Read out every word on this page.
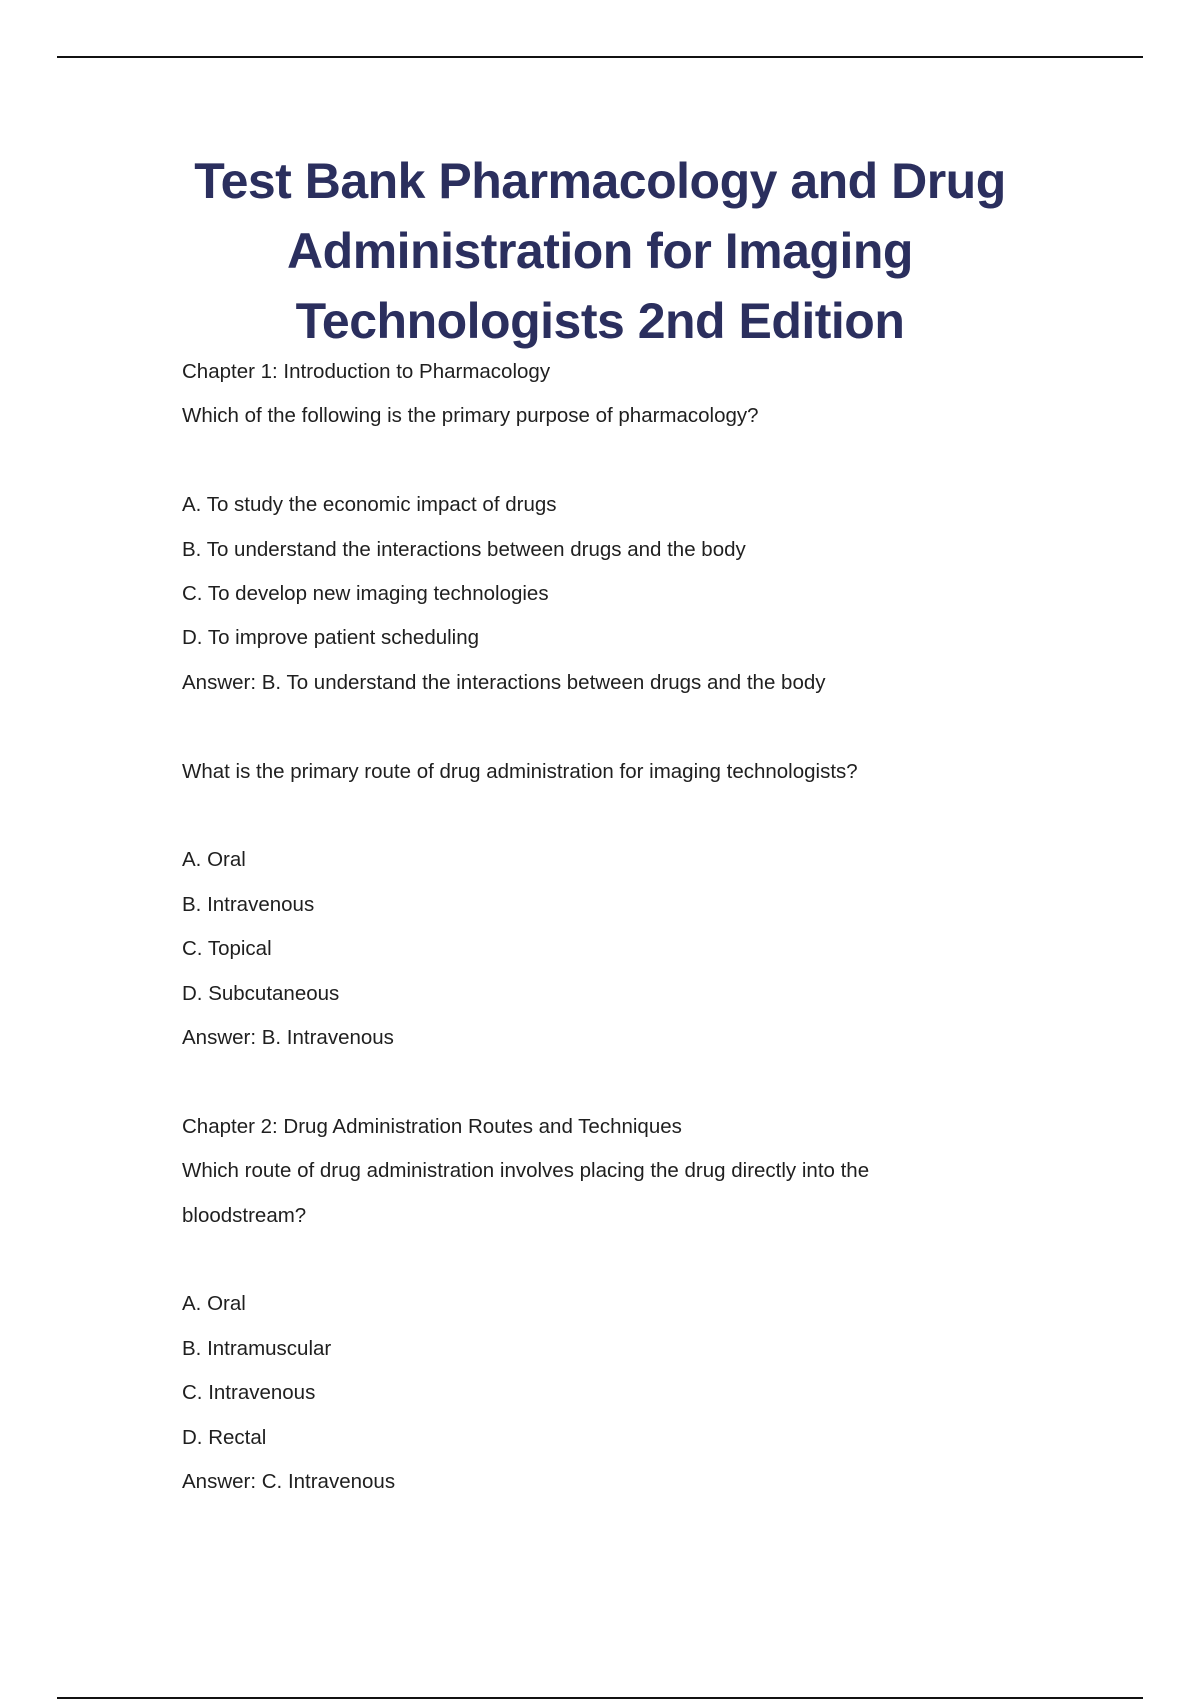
Test Bank Pharmacology and Drug
Administration for Imaging
Technologists 2nd Edition
Chapter 1: Introduction to Pharmacology
Which of the following is the primary purpose of pharmacology?
A. To study the economic impact of drugs
B. To understand the interactions between drugs and the body
C. To develop new imaging technologies
D. To improve patient scheduling
Answer: B. To understand the interactions between drugs and the body
What is the primary route of drug administration for imaging technologists?
A. Oral
B. Intravenous
C. Topical
D. Subcutaneous
Answer: B. Intravenous
Chapter 2: Drug Administration Routes and Techniques
Which route of drug administration involves placing the drug directly into the
bloodstream?
A. Oral
B. Intramuscular
C. Intravenous
D. Rectal
Answer: C. Intravenous
